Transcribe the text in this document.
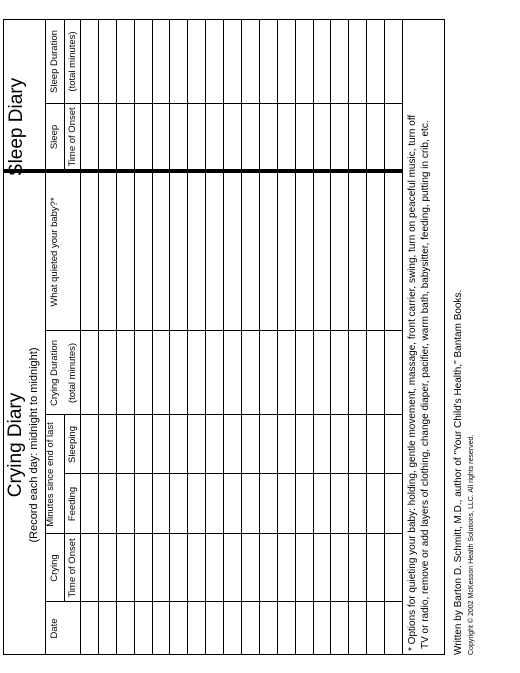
Crying Diary (Record each day: midnight to midnight)
Sleep Diary
Date
Crying Time of Onset
Minutes since end of last Feeding
Sleeping
Crying Duration (total minutes)
What quieted your baby?*
Sleep Time of Onset
Sleep Duration (total minutes)
* Options for quieting your baby: holding, gentle movement, massage, front carrier, swing, turn on peaceful music, turn off TV or radio, remove or add layers of clothing, change diaper, pacifier, warm bath, babysitter, feeding, putting in crib, etc. Written by Barton D. Schmitt, M.D., author of "Your Child's Health," Bantam Books. Copyright © 2002 McKesson Health Solutions, LLC. All rights reserved.
